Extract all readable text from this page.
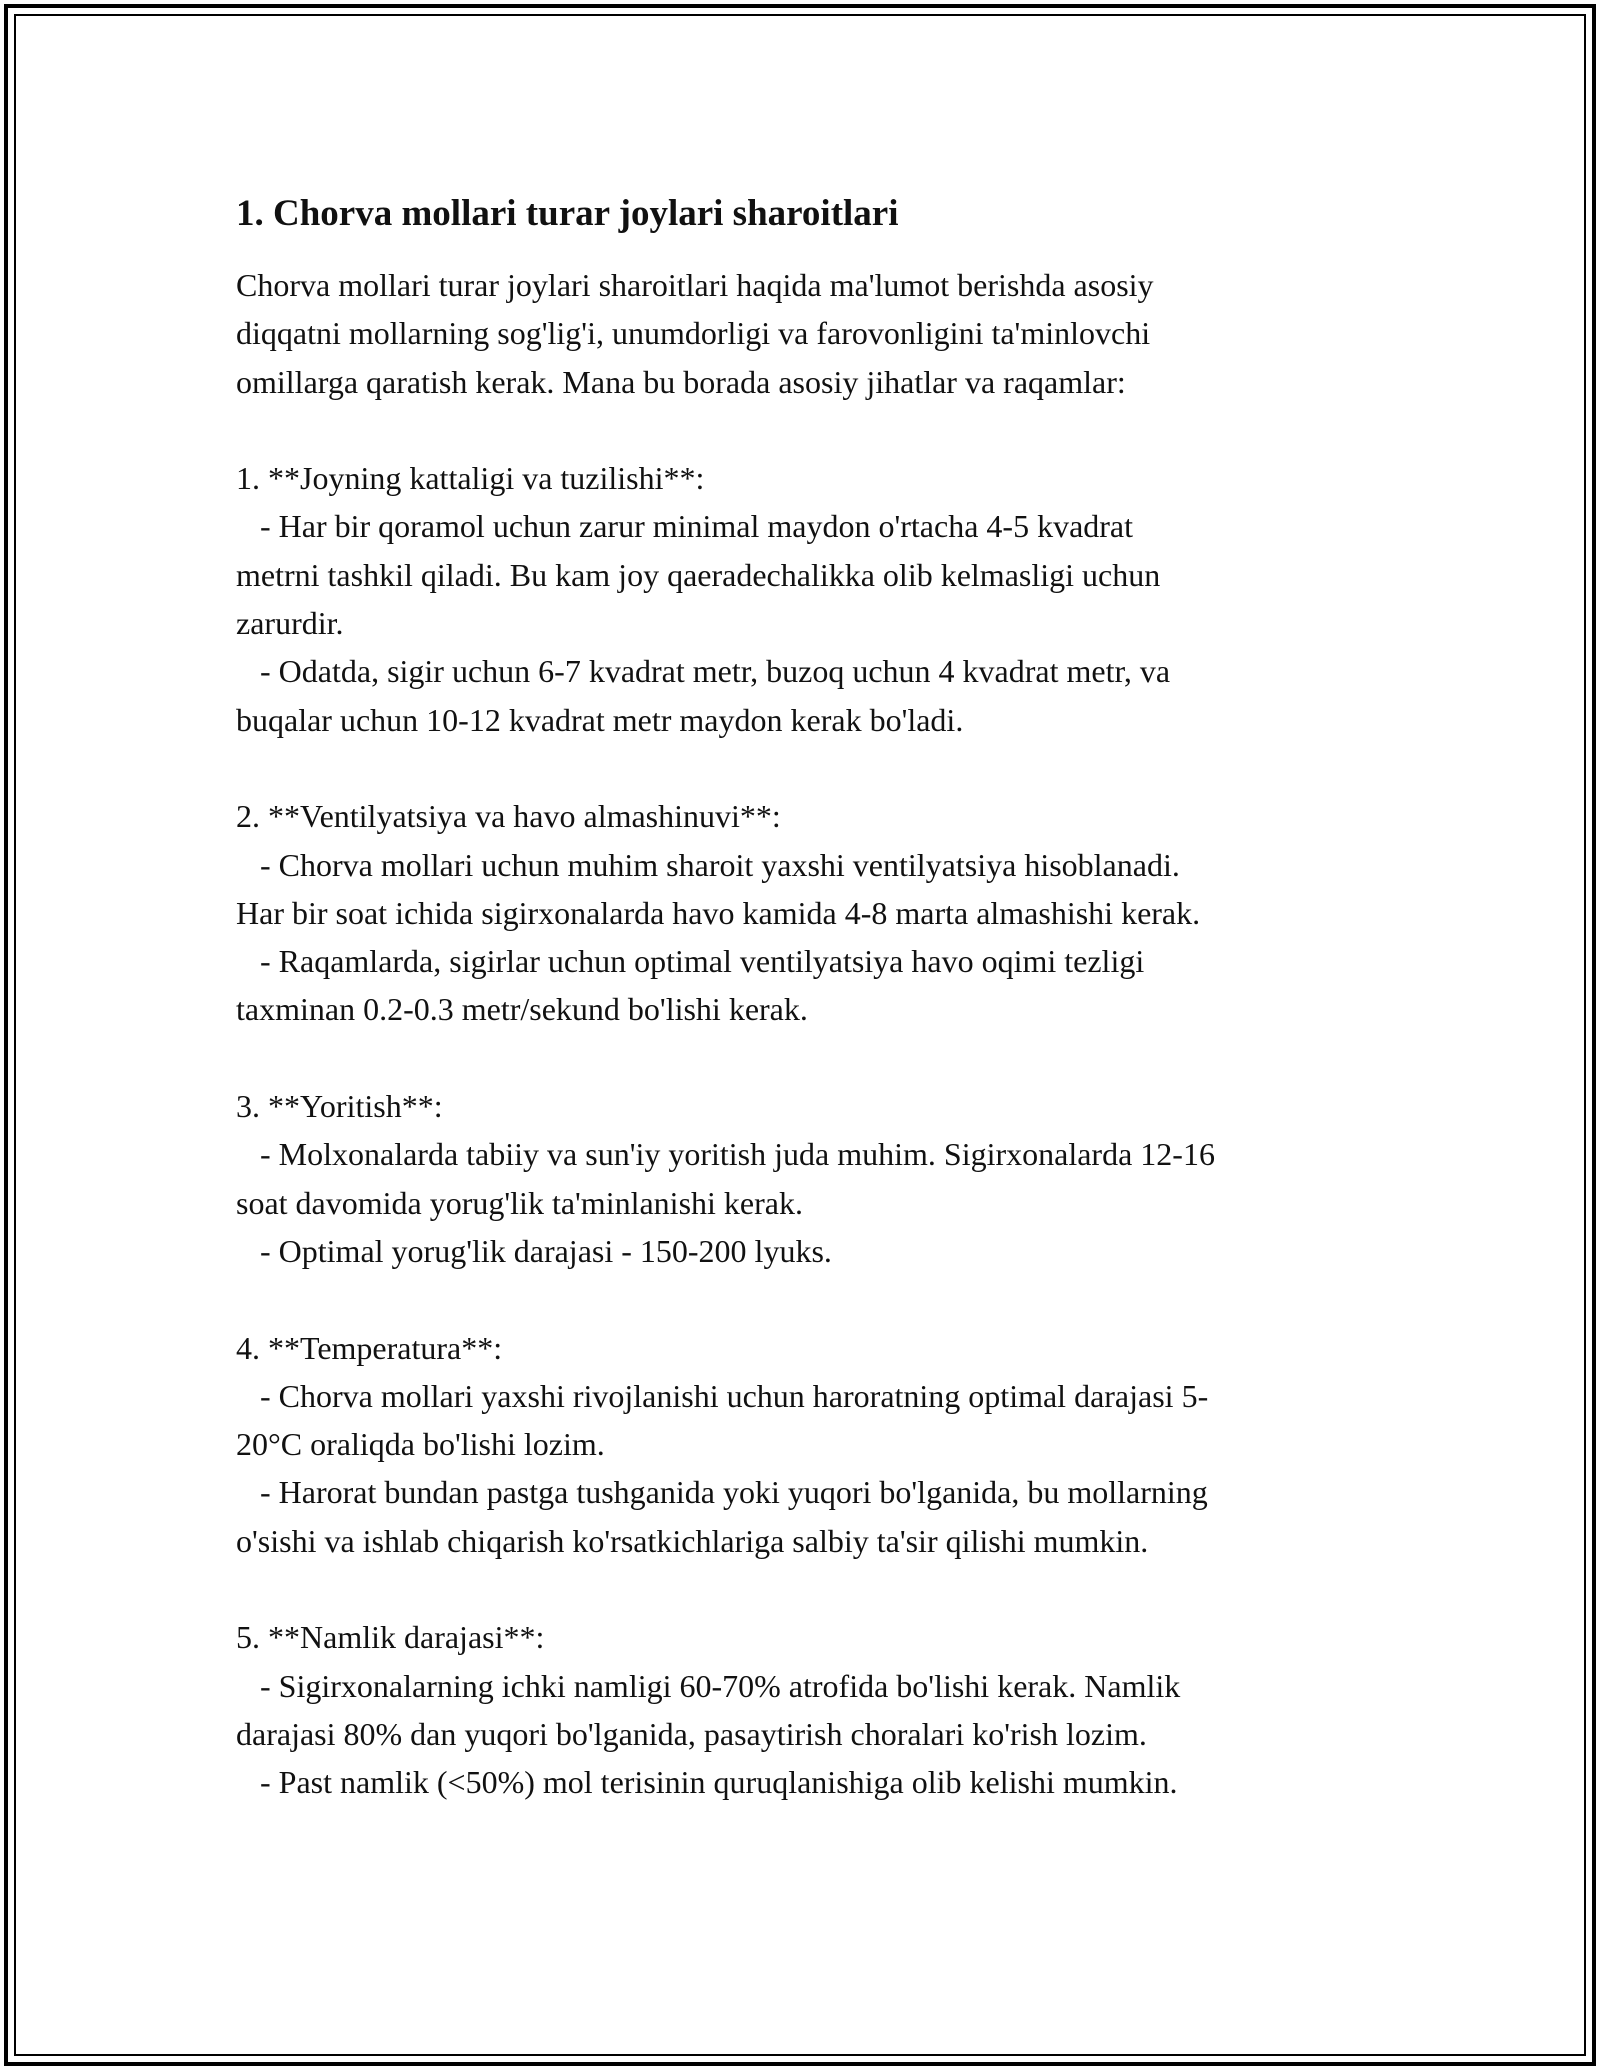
1. Chorva mollari turar joylari sharoitlari
Chorva mollari turar joylari sharoitlari haqida ma'lumot berishda asosiy
diqqatni mollarning sog'lig'i, unumdorligi va farovonligini ta'minlovchi
omillarga qaratish kerak. Mana bu borada asosiy jihatlar va raqamlar:

1. **Joyning kattaligi va tuzilishi**:
- Har bir qoramol uchun zarur minimal maydon o'rtacha 4-5 kvadrat
metrni tashkil qiladi. Bu kam joy qaeradechalikka olib kelmasligi uchun
zarurdir.
- Odatda, sigir uchun 6-7 kvadrat metr, buzoq uchun 4 kvadrat metr, va
buqalar uchun 10-12 kvadrat metr maydon kerak bo'ladi.

2. **Ventilyatsiya va havo almashinuvi**:
- Chorva mollari uchun muhim sharoit yaxshi ventilyatsiya hisoblanadi.
Har bir soat ichida sigirxonalarda havo kamida 4-8 marta almashishi kerak.
- Raqamlarda, sigirlar uchun optimal ventilyatsiya havo oqimi tezligi
taxminan 0.2-0.3 metr/sekund bo'lishi kerak.

3. **Yoritish**:
- Molxonalarda tabiiy va sun'iy yoritish juda muhim. Sigirxonalarda 12-16
soat davomida yorug'lik ta'minlanishi kerak.
- Optimal yorug'lik darajasi - 150-200 lyuks.

4. **Temperatura**:
- Chorva mollari yaxshi rivojlanishi uchun haroratning optimal darajasi 5-
20°C oraliqda bo'lishi lozim.
- Harorat bundan pastga tushganida yoki yuqori bo'lganida, bu mollarning
o'sishi va ishlab chiqarish ko'rsatkichlariga salbiy ta'sir qilishi mumkin.

5. **Namlik darajasi**:
- Sigirxonalarning ichki namligi 60-70% atrofida bo'lishi kerak. Namlik
darajasi 80% dan yuqori bo'lganida, pasaytirish choralari ko'rish lozim.
- Past namlik (<50%) mol terisinin quruqlanishiga olib kelishi mumkin.
